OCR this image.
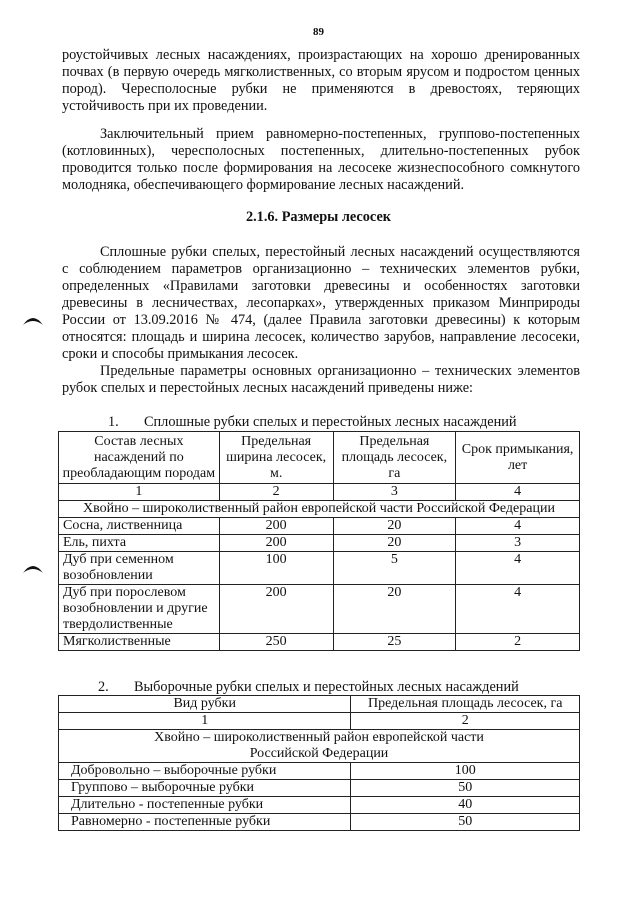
89

роустойчивых лесных насаждениях, произрастающих на хорошо дренированных почвах (в первую очередь мягколиственных, со вторым ярусом и подростом ценных пород). Чересполосные рубки не применяются в древостоях, теряющих устойчивость при их проведении.

Заключительный прием равномерно-постепенных, группово-постепенных (котловинных), чересполосных постепенных, длительно-постепенных рубок проводится только после формирования на лесосеке жизнеспособного сомкнутого молодняка, обеспечивающего формирование лесных насаждений.

2.1.6. Размеры лесосек

Сплошные рубки спелых, перестойный лесных насаждений осуществляются с соблюдением параметров организационно – технических элементов рубки, определенных «Правилами заготовки древесины и особенностях заготовки древесины в лесничествах, лесопарках», утвержденных приказом Минприроды России от 13.09.2016 № 474, (далее Правила заготовки древесины) к которым относятся: площадь и ширина лесосек, количество зарубов, направление лесосеки, сроки и способы примыкания лесосек.

Предельные параметры основных организационно – технических элементов рубок спелых и перестойных лесных насаждений приведены ниже:

1. Сплошные рубки спелых и перестойных лесных насаждений
Состав лесных насаждений по преобладающим породам	Предельная ширина лесосек, м.	Предельная площадь лесосек, га	Срок примыкания, лет
1	2	3	4
Хвойно – широколиственный район европейской части Российской Федерации			
Сосна, лиственница	200	20	4
Ель, пихта	200	20	3
Дуб при семенном возобновлении	100	5	4
Дуб при порослевом возобновлении и другие твердолиственные	200	20	4
Мягколиственные	250	25	2
2. Выборочные рубки спелых и перестойных лесных насаждений
Вид рубки	Предельная площадь лесосек, га
1	2
Хвойно – широколиственный район европейской части
Российской Федерации	
Добровольно – выборочные рубки	100
Группово – выборочные рубки	50
Длительно - постепенные рубки	40
Равномерно - постепенные рубки	50
